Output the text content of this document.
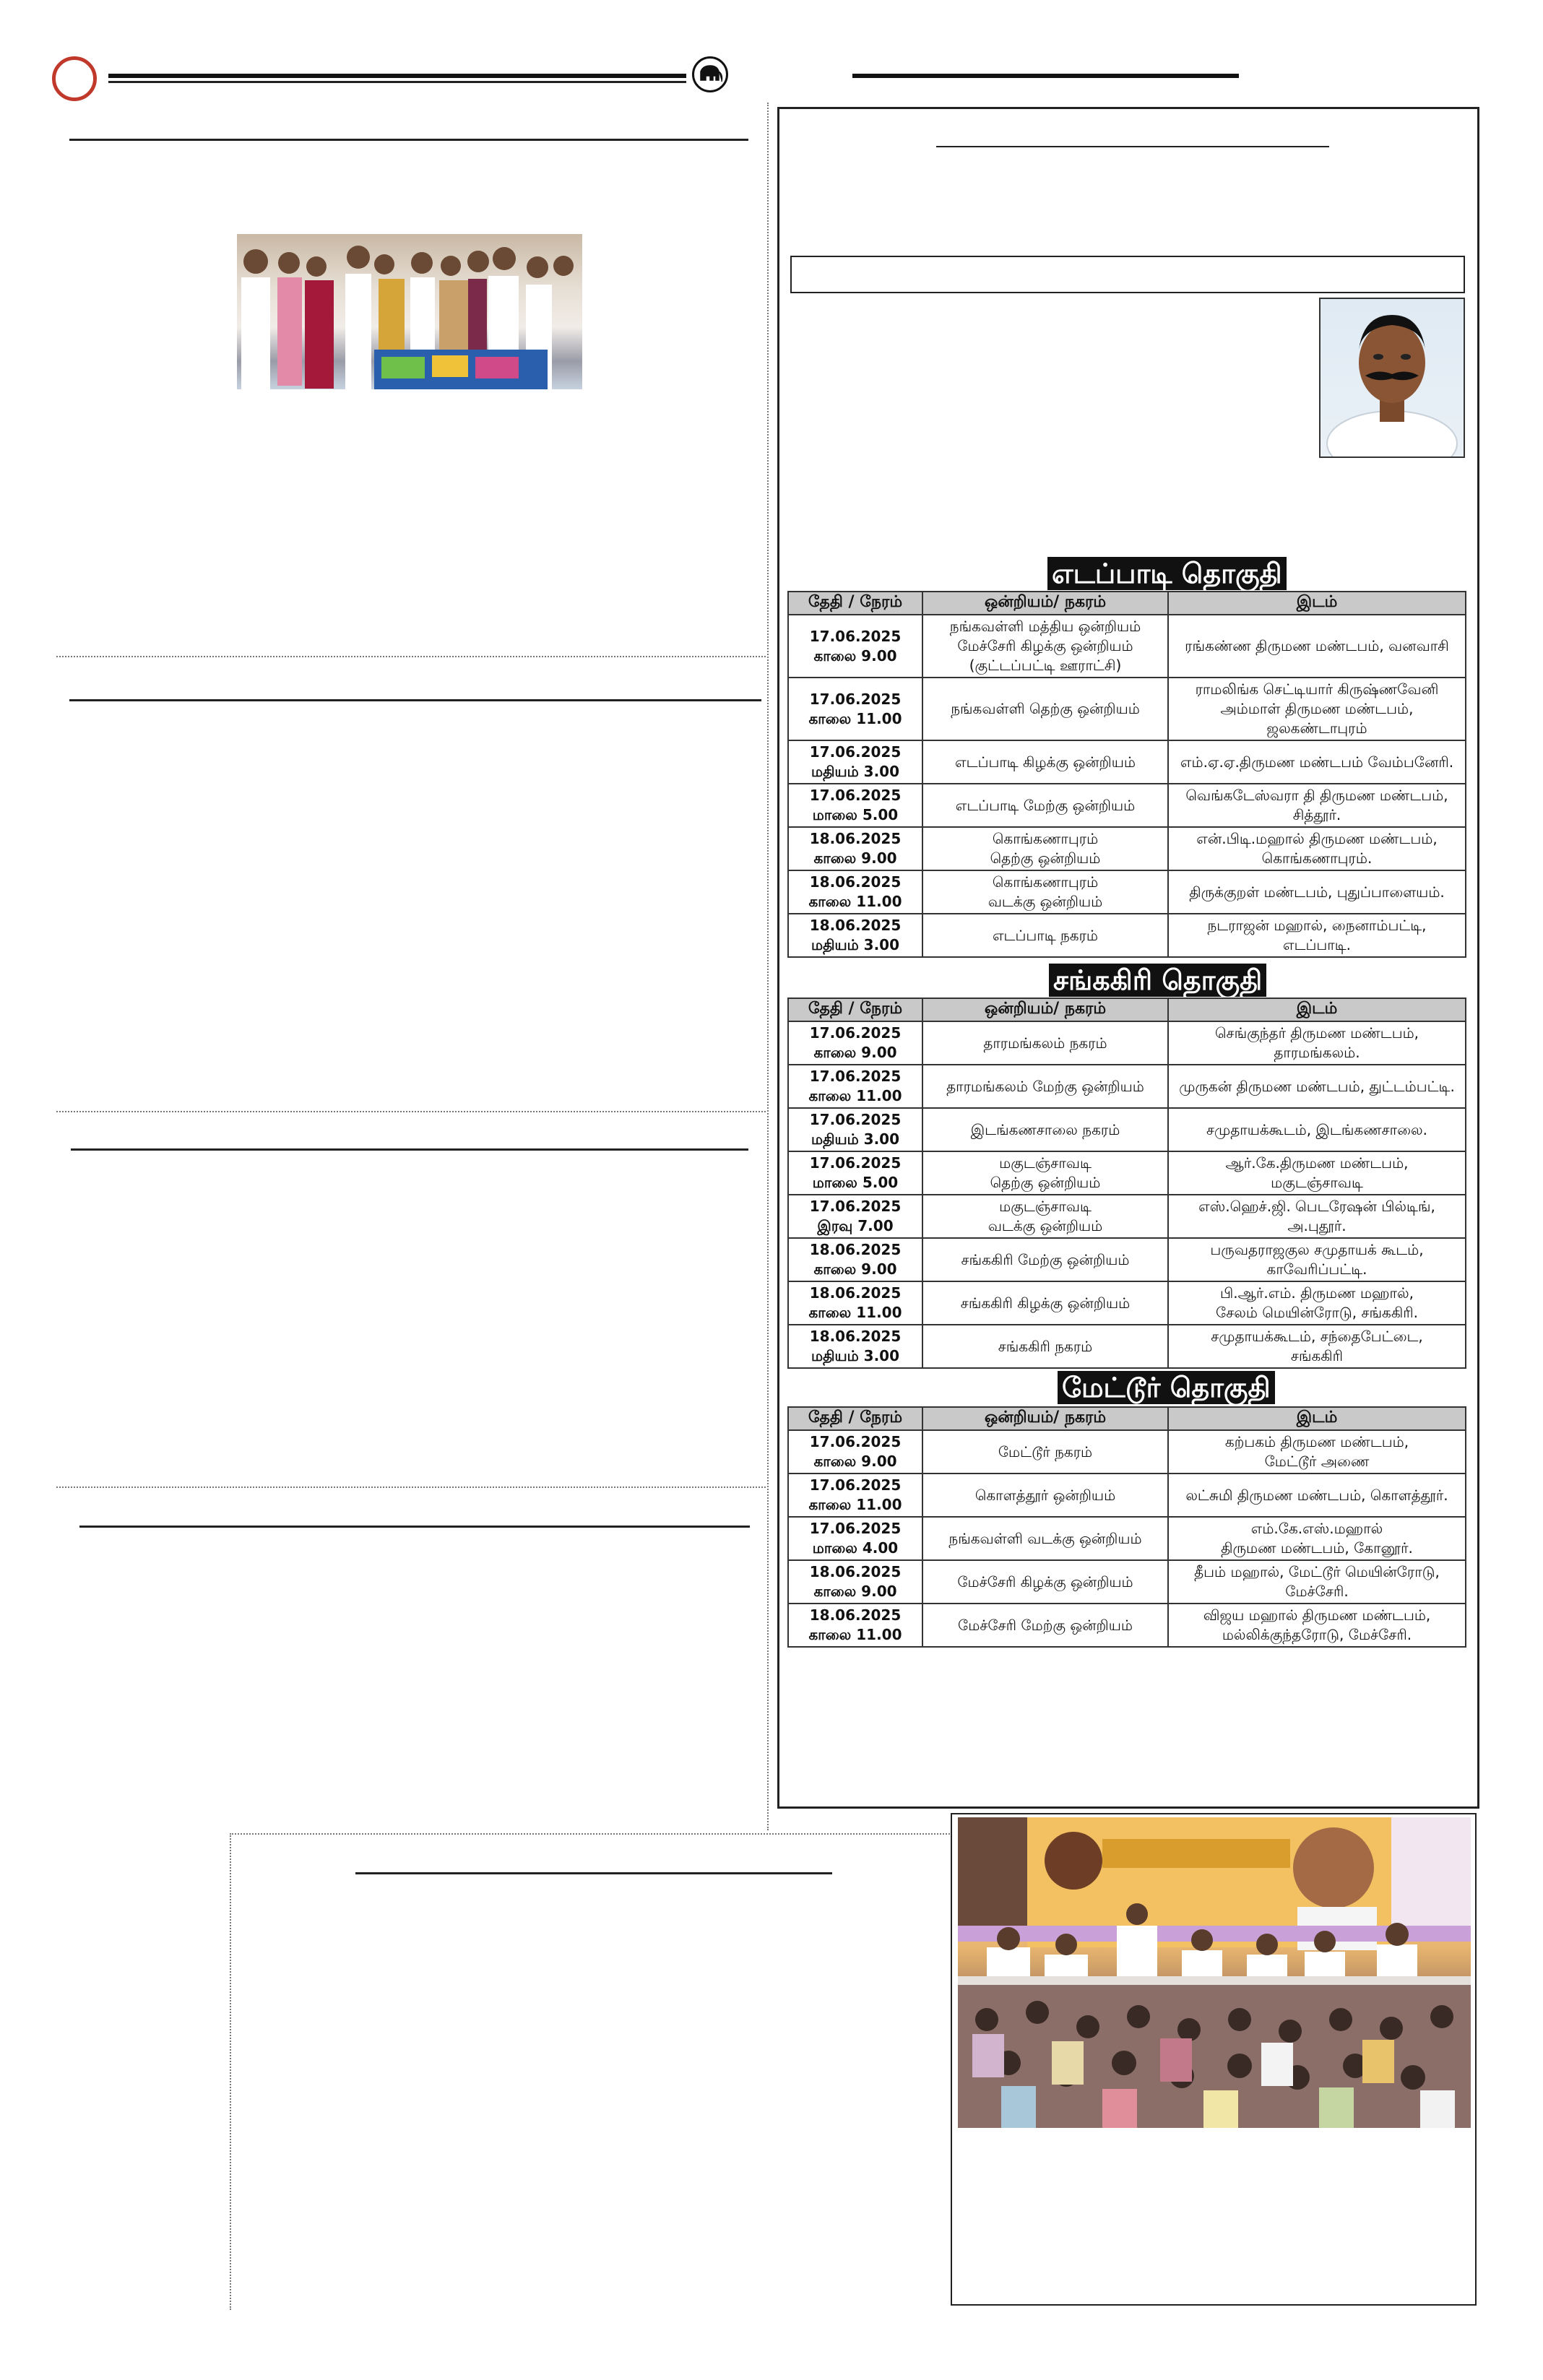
எடப்பாடி தொகுதி
தேதி / நேரம்	ஒன்றியம்/ நகரம்	இடம்
17.06.2025
காலை 9.00	நங்கவள்ளி மத்திய ஒன்றியம்
மேச்சேரி கிழக்கு ஒன்றியம்
(குட்டப்பட்டி ஊராட்சி)	ரங்கண்ண திருமண மண்டபம், வனவாசி
17.06.2025
காலை 11.00	நங்கவள்ளி தெற்கு ஒன்றியம்	ராமலிங்க செட்டியார் கிருஷ்ணவேனி
அம்மாள் திருமண மண்டபம்,
ஜலகண்டாபுரம்
17.06.2025
மதியம் 3.00	எடப்பாடி கிழக்கு ஒன்றியம்	எம்.ஏ.ஏ.திருமண மண்டபம் வேம்பனேரி.
17.06.2025
மாலை 5.00	எடப்பாடி மேற்கு ஒன்றியம்	வெங்கடேஸ்வரா தி திருமண மண்டபம்,
சித்தூர்.
18.06.2025
காலை 9.00	கொங்கணாபுரம்
தெற்கு ஒன்றியம்	என்.பிடி.மஹால் திருமண மண்டபம்,
கொங்கணாபுரம்.
18.06.2025
காலை 11.00	கொங்கணாபுரம்
வடக்கு ஒன்றியம்	திருக்குறள் மண்டபம், புதுப்பாளையம்.
18.06.2025
மதியம் 3.00	எடப்பாடி நகரம்	நடராஜன் மஹால், நைனாம்பட்டி,
எடப்பாடி.
சங்ககிரி தொகுதி
தேதி / நேரம்	ஒன்றியம்/ நகரம்	இடம்
17.06.2025
காலை 9.00	தாரமங்கலம் நகரம்	செங்குந்தர் திருமண மண்டபம்,
தாரமங்கலம்.
17.06.2025
காலை 11.00	தாரமங்கலம் மேற்கு ஒன்றியம்	முருகன் திருமண மண்டபம், துட்டம்பட்டி.
17.06.2025
மதியம் 3.00	இடங்கணசாலை நகரம்	சமுதாயக்கூடம், இடங்கணசாலை.
17.06.2025
மாலை 5.00	மகுடஞ்சாவடி
தெற்கு ஒன்றியம்	ஆர்.கே.திருமண மண்டபம்,
மகுடஞ்சாவடி
17.06.2025
இரவு 7.00	மகுடஞ்சாவடி
வடக்கு ஒன்றியம்	எஸ்.ஹெச்.ஜி. பெடரேஷன் பில்டிங்,
அ.புதூர்.
18.06.2025
காலை 9.00	சங்ககிரி மேற்கு ஒன்றியம்	பருவதராஜகுல சமுதாயக் கூடம்,
காவேரிப்பட்டி.
18.06.2025
காலை 11.00	சங்ககிரி கிழக்கு ஒன்றியம்	பி.ஆர்.எம். திருமண மஹால்,
சேலம் மெயின்ரோடு, சங்ககிரி.
18.06.2025
மதியம் 3.00	சங்ககிரி நகரம்	சமுதாயக்கூடம், சந்தைபேட்டை,
சங்ககிரி
மேட்டூர் தொகுதி
தேதி / நேரம்	ஒன்றியம்/ நகரம்	இடம்
17.06.2025
காலை 9.00	மேட்டூர் நகரம்	கற்பகம் திருமண மண்டபம்,
மேட்டூர் அணை
17.06.2025
காலை 11.00	கொளத்தூர் ஒன்றியம்	லட்சுமி திருமண மண்டபம், கொளத்தூர்.
17.06.2025
மாலை 4.00	நங்கவள்ளி வடக்கு ஒன்றியம்	எம்.கே.எஸ்.மஹால்
திருமண மண்டபம், கோனூர்.
18.06.2025
காலை 9.00	மேச்சேரி கிழக்கு ஒன்றியம்	தீபம் மஹால், மேட்டூர் மெயின்ரோடு,
மேச்சேரி.
18.06.2025
காலை 11.00	மேச்சேரி மேற்கு ஒன்றியம்	விஜய மஹால் திருமண மண்டபம்,
மல்லிக்குந்தரோடு, மேச்சேரி.
